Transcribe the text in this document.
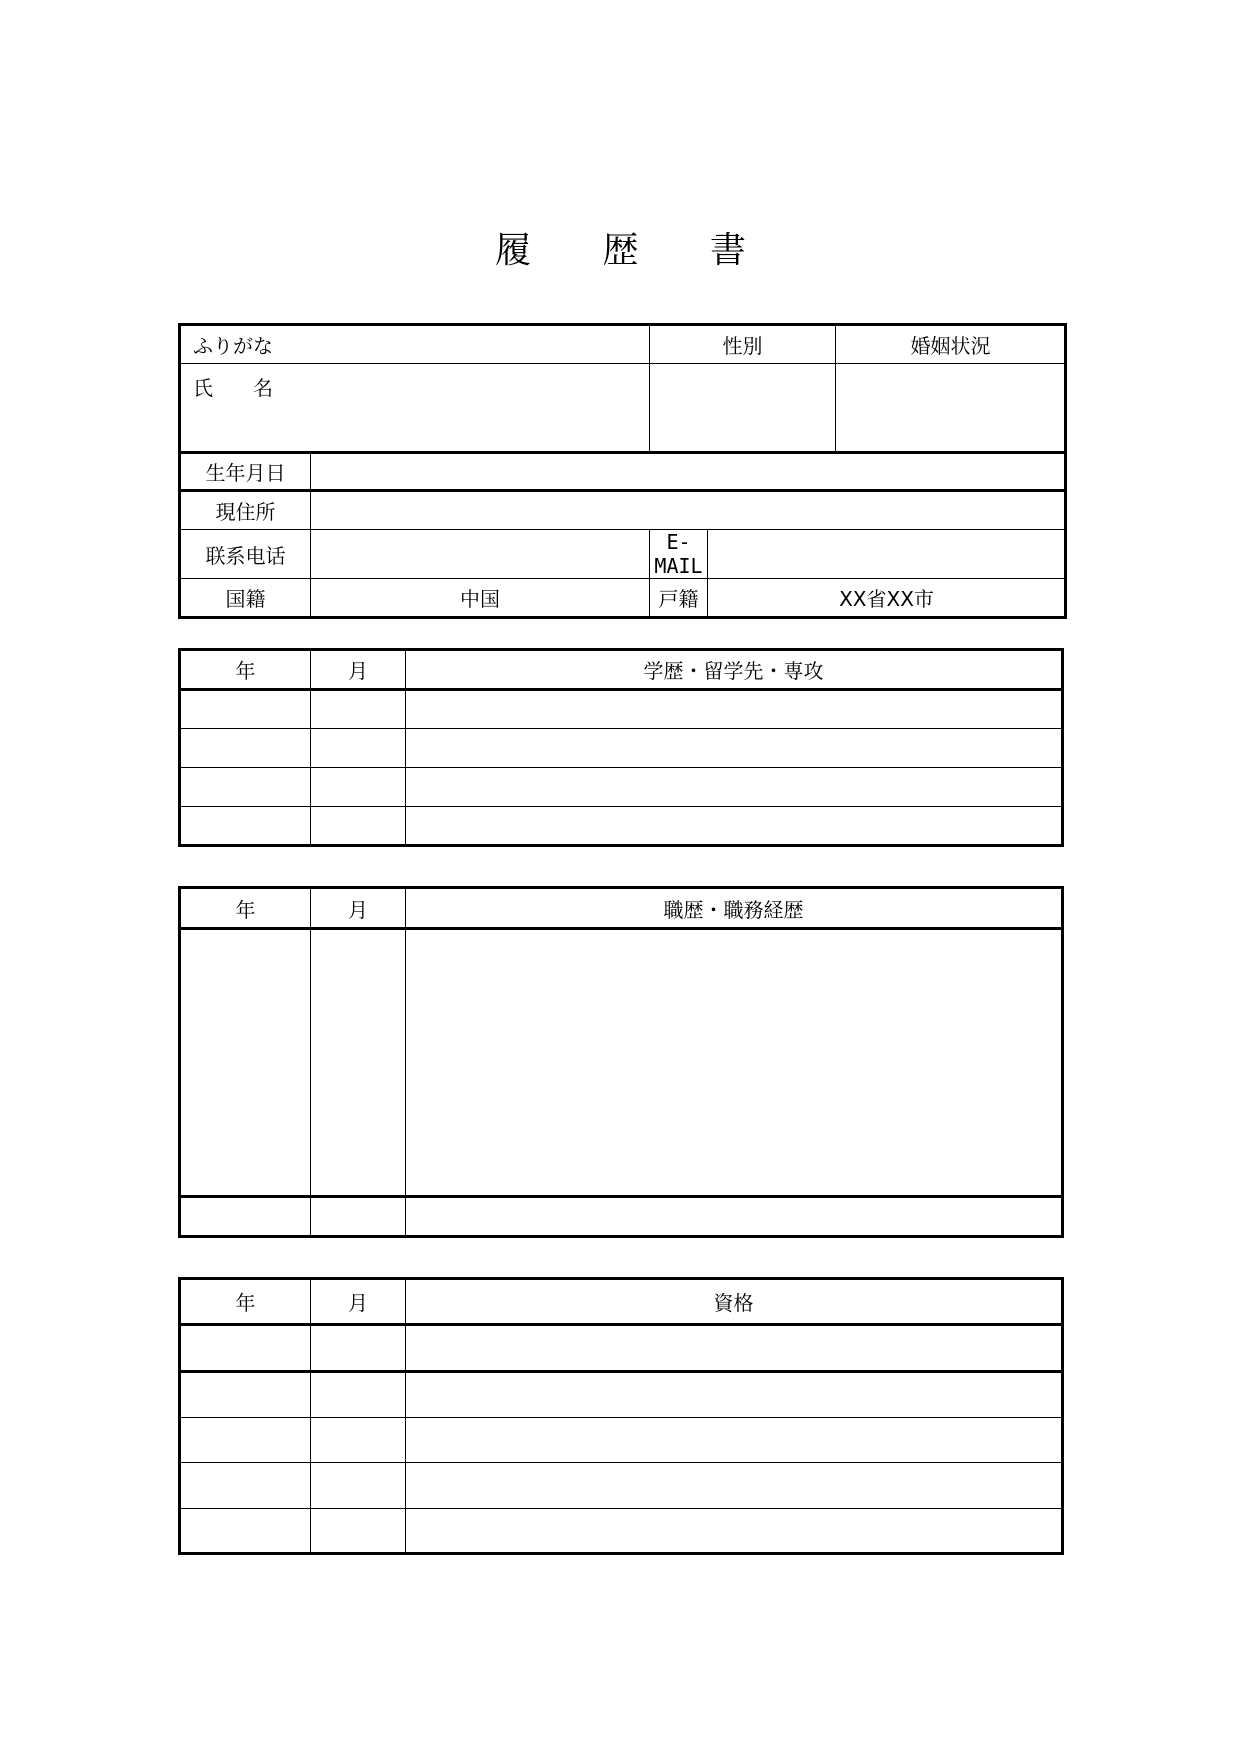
履 歴 書
ふりがな		性別		婚姻状況	
氏　　名					
生年月日					
現住所					
联系电话		E-MAIL			
国籍	中国	戸籍	XX省XX市		
年	月	学歴・留学先・専攻

年	月	職歴・職務経歴

年	月	資格
